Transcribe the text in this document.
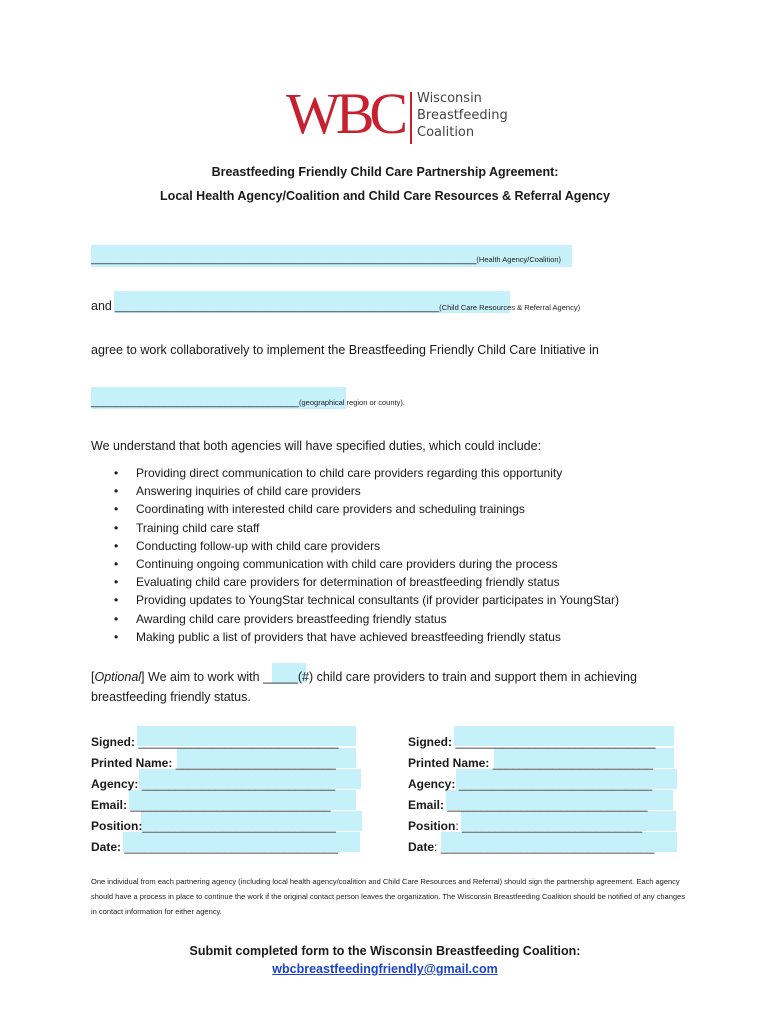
WBC Wisconsin
Breastfeeding
Coalition
Breastfeeding Friendly Child Care Partnership Agreement:
Local Health Agency/Coalition and Child Care Resources & Referral Agency
_______________________________________________________________(Health Agency/Coalition)
and _____________________________________________________(Child Care Resources & Referral Agency)
agree to work collaboratively to implement the Breastfeeding Friendly Child Care Initiative in
__________________________________(geographical region or county).
We understand that both agencies will have specified duties, which could include:
• Providing direct communication to child care providers regarding this opportunity
• Answering inquiries of child care providers
• Coordinating with interested child care providers and scheduling trainings
• Training child care staff
• Conducting follow-up with child care providers
• Continuing ongoing communication with child care providers during the process
• Evaluating child care providers for determination of breastfeeding friendly status
• Providing updates to YoungStar technical consultants (if provider participates in YoungStar)
• Awarding child care providers breastfeeding friendly status
• Making public a list of providers that have achieved breastfeeding friendly status
[Optional] We aim to work with _____(#) child care providers to train and support them in achieving
breastfeeding friendly status.
Signed: ______________________________
Printed Name: ________________________
Agency: _____________________________
Email: ______________________________
Position:_____________________________
Date: ________________________________
Signed: ______________________________
Printed Name: ________________________
Agency: _____________________________
Email: ______________________________
Position: ___________________________
Date: ________________________________
One individual from each partnering agency (including local health agency/coalition and Child Care Resources and Referral) should sign the partnership agreement. Each agency should have a process in place to continue the work if the original contact person leaves the organization. The Wisconsin Breastfeeding Coalition should be notified of any changes in contact information for either agency.
Submit completed form to the Wisconsin Breastfeeding Coalition:
wbcbreastfeedingfriendly@gmail.com
